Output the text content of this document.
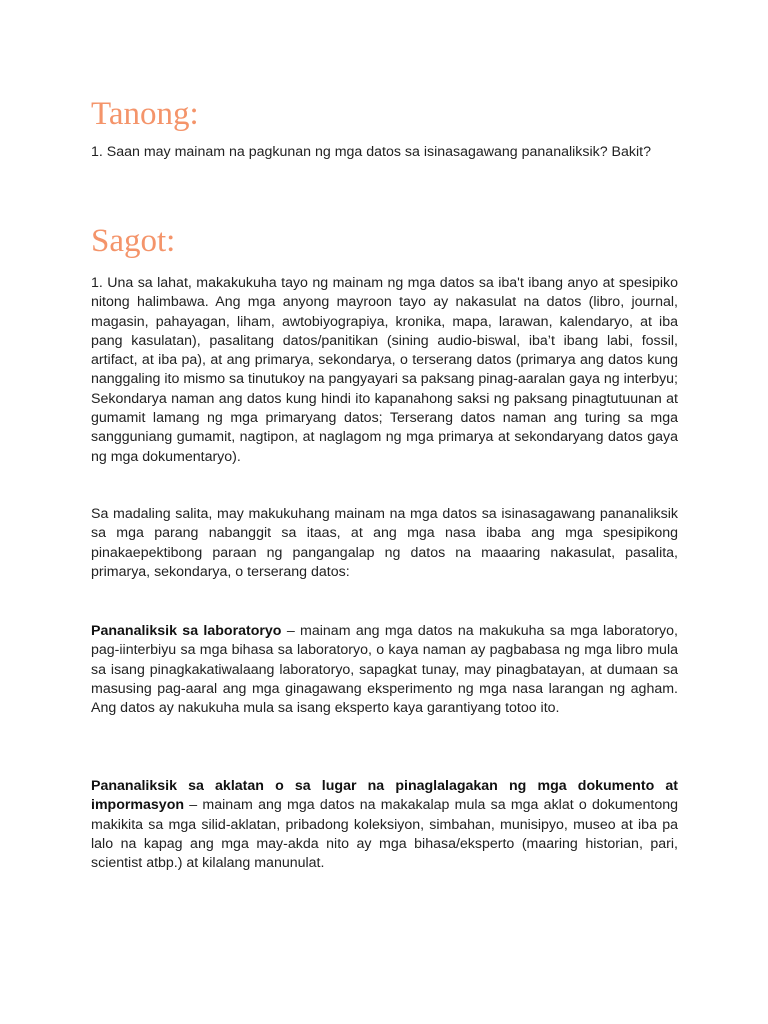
Tanong:

1. Saan may mainam na pagkunan ng mga datos sa isinasagawang pananaliksik? Bakit?

Sagot:

1. Una sa lahat, makakukuha tayo ng mainam ng mga datos sa iba't ibang anyo at spesipiko nitong halimbawa. Ang mga anyong mayroon tayo ay nakasulat na datos (libro, journal, magasin, pahayagan, liham, awtobiyograpiya, kronika, mapa, larawan, kalendaryo, at iba pang kasulatan), pasalitang datos/panitikan (sining audio-biswal, iba’t ibang labi, fossil, artifact, at iba pa), at ang primarya, sekondarya, o terserang datos (primarya ang datos kung nanggaling ito mismo sa tinutukoy na pangyayari sa paksang pinag-aaralan gaya ng interbyu; Sekondarya naman ang datos kung hindi ito kapanahong saksi ng paksang pinagtutuunan at gumamit lamang ng mga primaryang datos; Terserang datos naman ang turing sa mga sangguniang gumamit, nagtipon, at naglagom ng mga primarya at sekondaryang datos gaya ng mga dokumentaryo).

Sa madaling salita, may makukuhang mainam na mga datos sa isinasagawang pananaliksik sa mga parang nabanggit sa itaas, at ang mga nasa ibaba ang mga spesipikong pinakaepektibong paraan ng pangangalap ng datos na maaaring nakasulat, pasalita, primarya, sekondarya, o terserang datos:

Pananaliksik sa laboratoryo – mainam ang mga datos na makukuha sa mga laboratoryo, pag-iinterbiyu sa mga bihasa sa laboratoryo, o kaya naman ay pagbabasa ng mga libro mula sa isang pinagkakatiwalaang laboratoryo, sapagkat tunay, may pinagbatayan, at dumaan sa masusing pag-aaral ang mga ginagawang eksperimento ng mga nasa larangan ng agham. Ang datos ay nakukuha mula sa isang eksperto kaya garantiyang totoo ito.

Pananaliksik sa aklatan o sa lugar na pinaglalagakan ng mga dokumento at impormasyon – mainam ang mga datos na makakalap mula sa mga aklat o dokumentong makikita sa mga silid-aklatan, pribadong koleksiyon, simbahan, munisipyo, museo at iba pa lalo na kapag ang mga may-akda nito ay mga bihasa/eksperto (maaring historian, pari, scientist atbp.) at kilalang manunulat.
